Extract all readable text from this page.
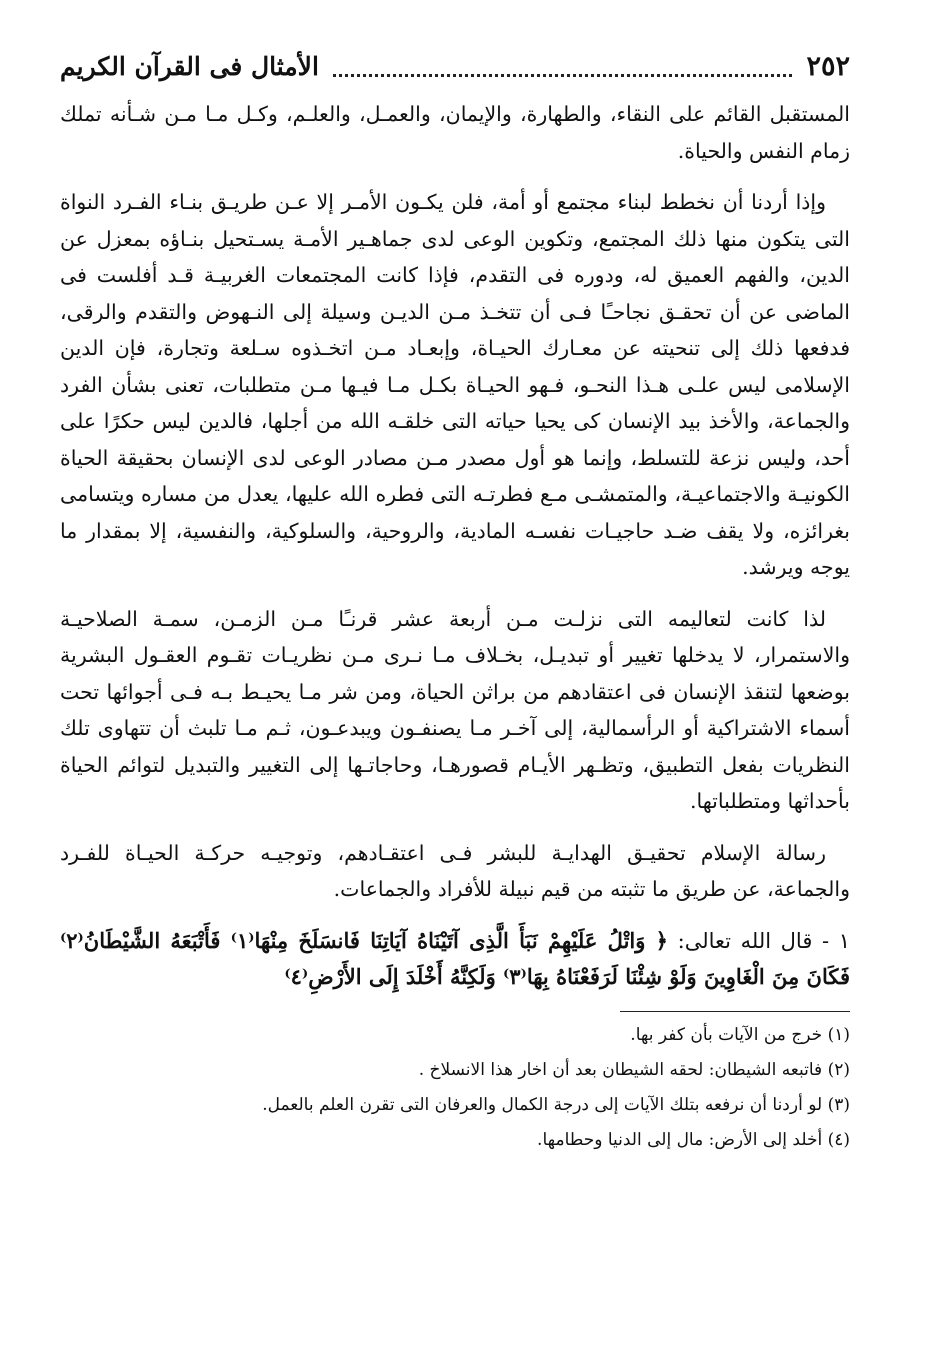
٢٥٢
الأمثال فى القرآن الكريم

المستقبل القائم على النقاء، والطهارة، والإيمان، والعمـل، والعلـم، وكـل مـا مـن شـأنه تملك زمام النفس والحياة.

وإذا أردنا أن نخطط لبناء مجتمع أو أمة، فلن يكـون الأمـر إلا عـن طريـق بنـاء الفـرد النواة التى يتكون منها ذلك المجتمع، وتكوين الوعى لدى جماهـير الأمـة يسـتحيل بنـاؤه بمعزل عن الدين، والفهم العميق له، ودوره فى التقدم، فإذا كانت المجتمعات الغربيـة قـد أفلست فى الماضى عن أن تحقـق نجاحـًا فـى أن تتخـذ مـن الديـن وسيلة إلى النـهوض والتقدم والرقى، فدفعها ذلك إلى تنحيته عن معـارك الحيـاة، وإبعـاد مـن اتخـذوه سـلعة وتجارة، فإن الدين الإسلامى ليس علـى هـذا النحـو، فـهو الحيـاة بكـل مـا فيـها مـن متطلبات، تعنى بشأن الفرد والجماعة، والأخذ بيد الإنسان كى يحيا حياته التى خلقـه الله من أجلها، فالدين ليس حكرًا على أحد، وليس نزعة للتسلط، وإنما هو أول مصدر مـن مصادر الوعى لدى الإنسان بحقيقة الحياة الكونيـة والاجتماعيـة، والمتمشـى مـع فطرتـه التى فطره الله عليها، يعدل من مساره ويتسامى بغرائزه، ولا يقف ضـد حاجيـات نفسـه المادية، والروحية، والسلوكية، والنفسية، إلا بمقدار ما يوجه ويرشد.

لذا كانت لتعاليمه التى نزلـت مـن أربعة عشر قرنـًا مـن الزمـن، سمـة الصلاحيـة والاستمرار، لا يدخلها تغيير أو تبديـل، بخـلاف مـا نـرى مـن نظريـات تقـوم العقـول البشرية بوضعها لتنقذ الإنسان فى اعتقادهم من براثن الحياة، ومن شر مـا يحيـط بـه فـى أجوائها تحت أسماء الاشتراكية أو الرأسمالية، إلى آخـر مـا يصنفـون ويبدعـون، ثـم مـا تلبث أن تتهاوى تلك النظريات بفعل التطبيق، وتظـهر الأيـام قصورهـا، وحاجاتـها إلى التغيير والتبديل لتوائم الحياة بأحداثها ومتطلباتها.

رسالة الإسلام تحقيـق الهدايـة للبشر فـى اعتقـادهم، وتوجيـه حركـة الحيـاة للفـرد والجماعة، عن طريق ما تثبته من قيم نبيلة للأفراد والجماعات.

١ - قال الله تعالى: ﴿ وَاتْلُ عَلَيْهِمْ نَبَأَ الَّذِى آتَيْنَاهُ آيَاتِنَا فَانسَلَخَ مِنْهَا⁽١⁾ فَأَتْبَعَهُ الشَّيْطَانُ⁽٢⁾ فَكَانَ مِنَ الْغَاوِينَ وَلَوْ شِئْنَا لَرَفَعْنَاهُ بِهَا⁽٣⁾ وَلَكِنَّهُ أَخْلَدَ إِلَى الأَرْضِ⁽٤⁾

(١) خرج من الآيات بأن كفر بها.

(٢) فاتبعه الشيطان: لحقه الشيطان بعد أن اخار هذا الانسلاخ .

(٣) لو أردنا أن نرفعه بتلك الآيات إلى درجة الكمال والعرفان التى تقرن العلم بالعمل.

(٤) أخلد إلى الأرض: مال إلى الدنيا وحطامها.
